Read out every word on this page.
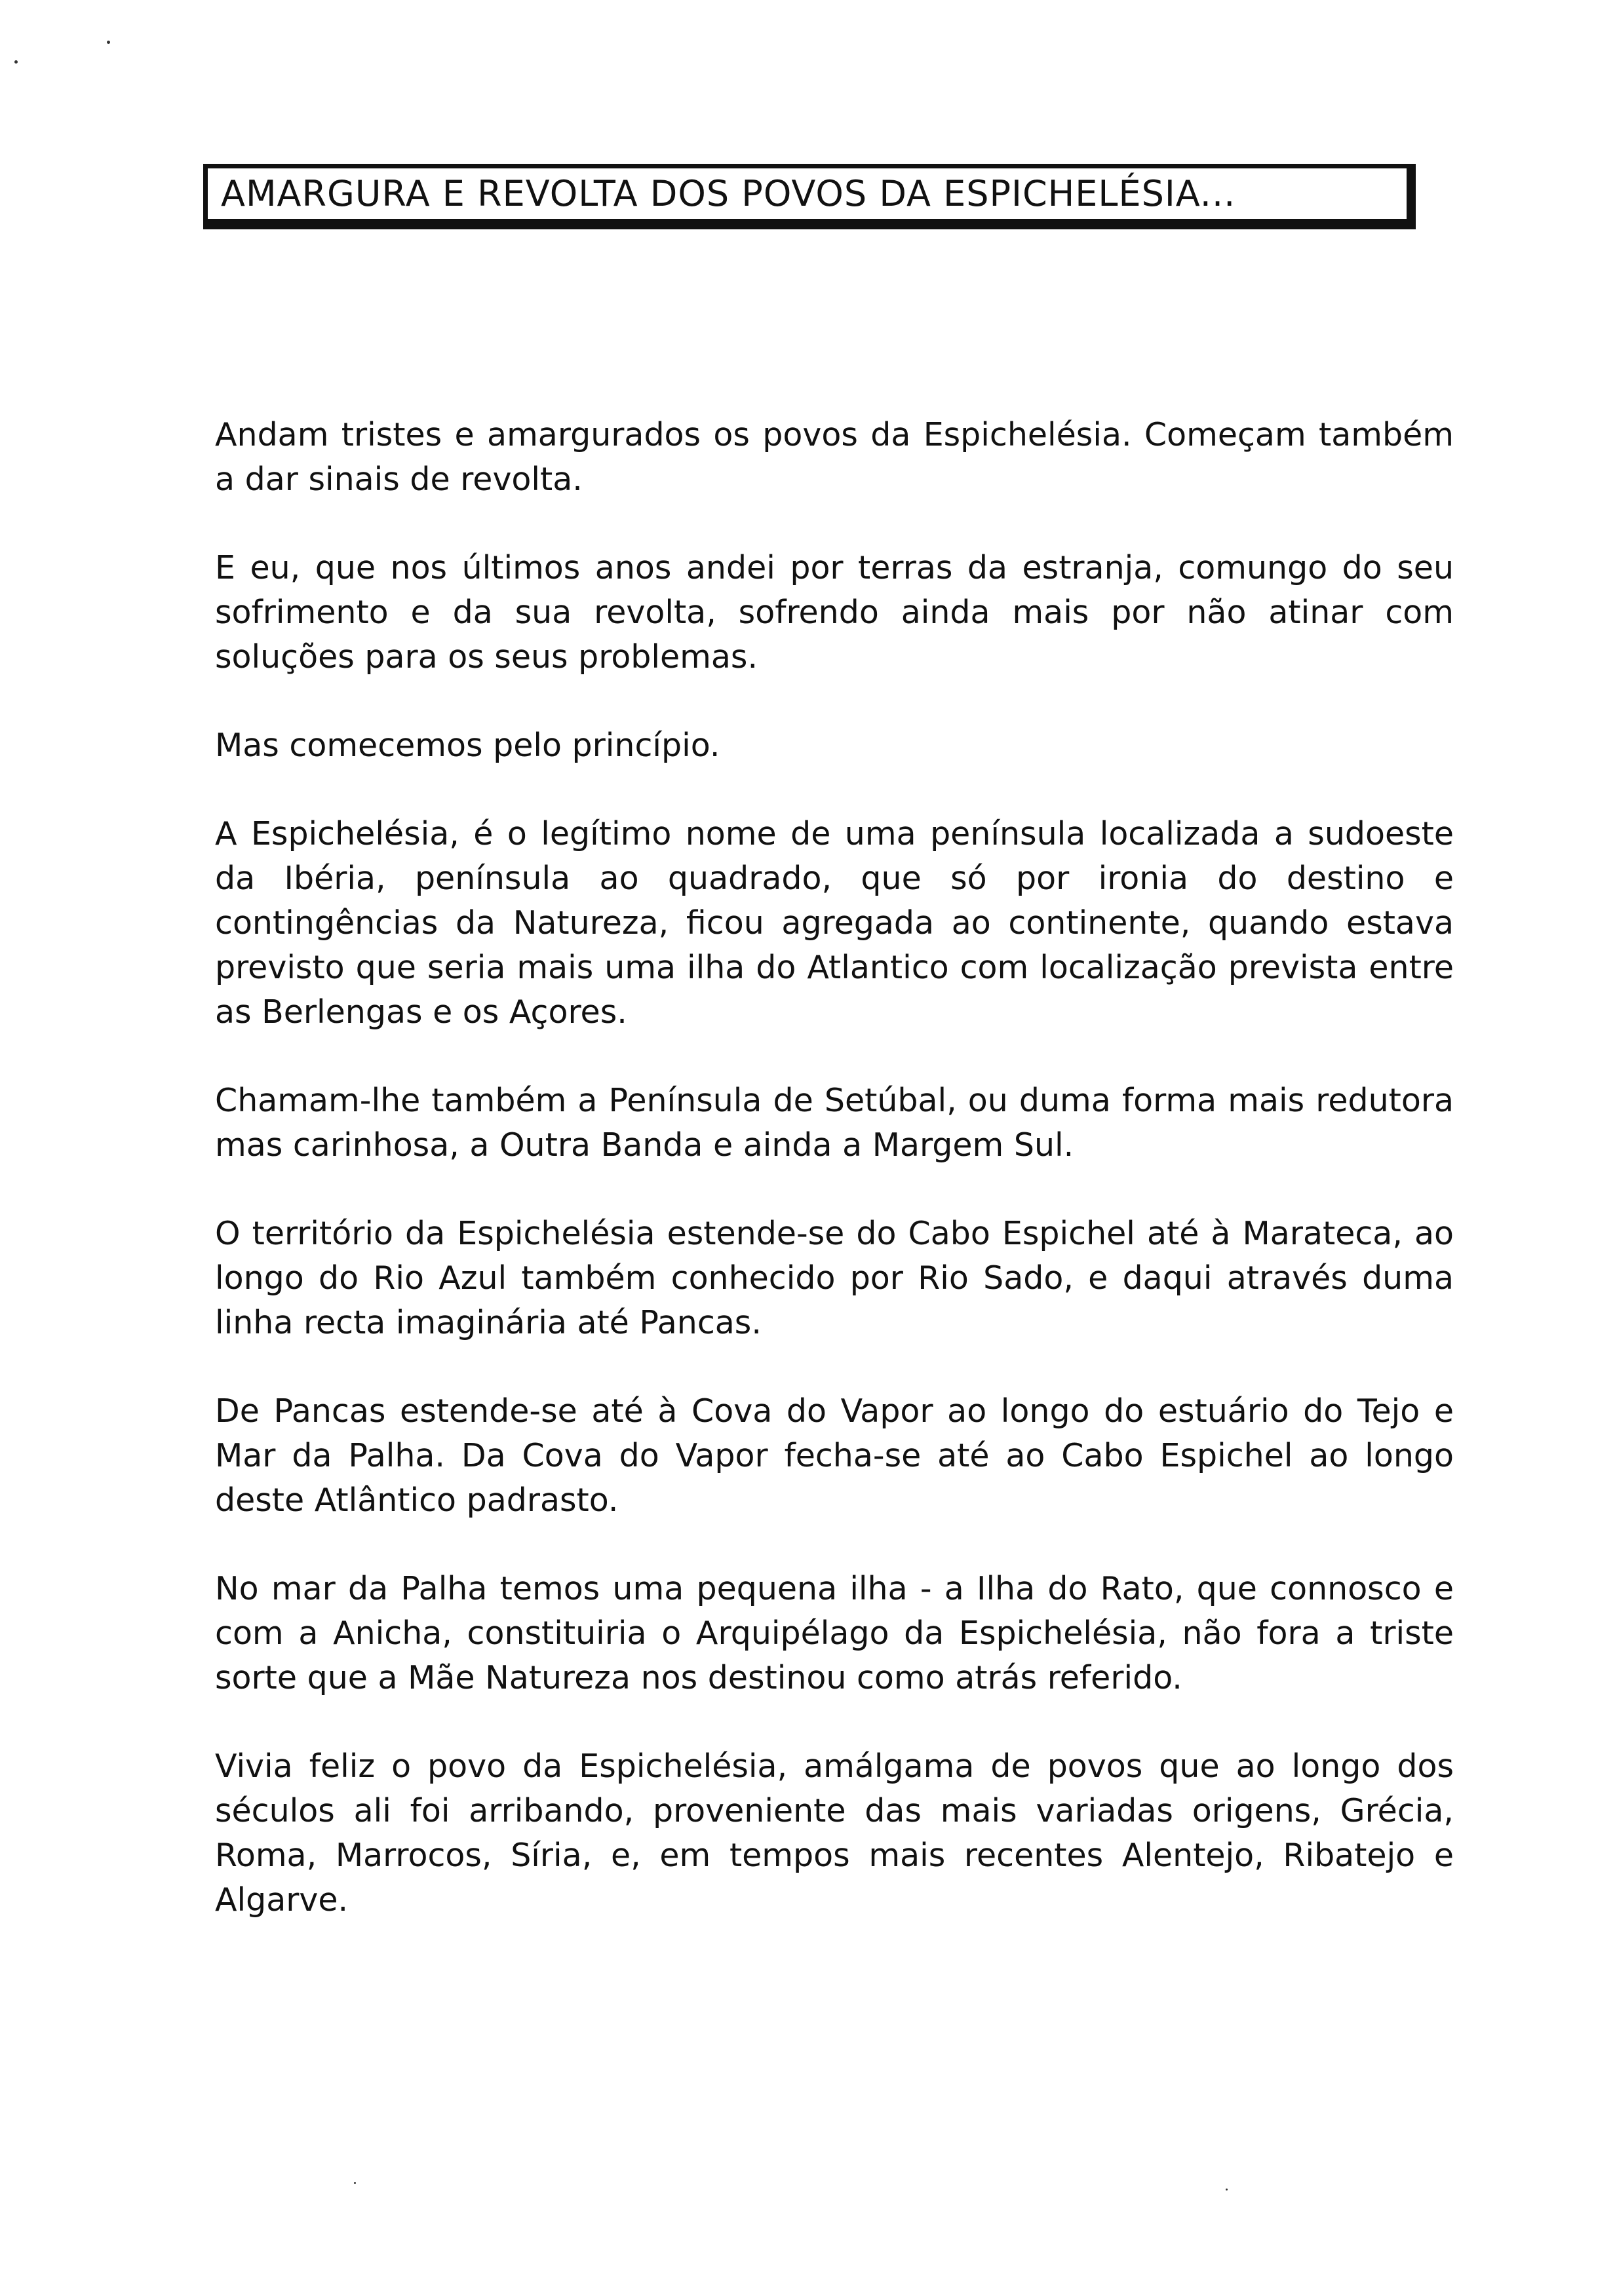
AMARGURA E REVOLTA DOS POVOS DA ESPICHELÉSIA...

Andam tristes e amargurados os povos da Espichelésia. Começam também a dar sinais de revolta.

E eu, que nos últimos anos andei por terras da estranja, comungo do seu sofrimento e da sua revolta, sofrendo ainda mais por não atinar com soluções para os seus problemas.

Mas comecemos pelo princípio.

A Espichelésia, é o legítimo nome de uma península localizada a sudoeste da Ibéria, península ao quadrado, que só por ironia do destino e contingências da Natureza, ficou agregada ao continente, quando estava previsto que seria mais uma ilha do Atlantico com localização prevista entre as Berlengas e os Açores.

Chamam-lhe também a Península de Setúbal, ou duma forma mais redutora mas carinhosa, a Outra Banda e ainda a Margem Sul.

O território da Espichelésia estende-se do Cabo Espichel até à Marateca, ao longo do Rio Azul também conhecido por Rio Sado, e daqui através duma linha recta imaginária até Pancas.

De Pancas estende-se até à Cova do Vapor ao longo do estuário do Tejo e Mar da Palha. Da Cova do Vapor fecha-se até ao Cabo Espichel ao longo deste Atlântico padrasto.

No mar da Palha temos uma pequena ilha - a Ilha do Rato, que connosco e com a Anicha, constituiria o Arquipélago da Espichelésia, não fora a triste sorte que a Mãe Natureza nos destinou como atrás referido.

Vivia feliz o povo da Espichelésia, amálgama de povos que ao longo dos séculos ali foi arribando, proveniente das mais variadas origens, Grécia, Roma, Marrocos, Síria, e, em tempos mais recentes Alentejo, Ribatejo e Algarve.
